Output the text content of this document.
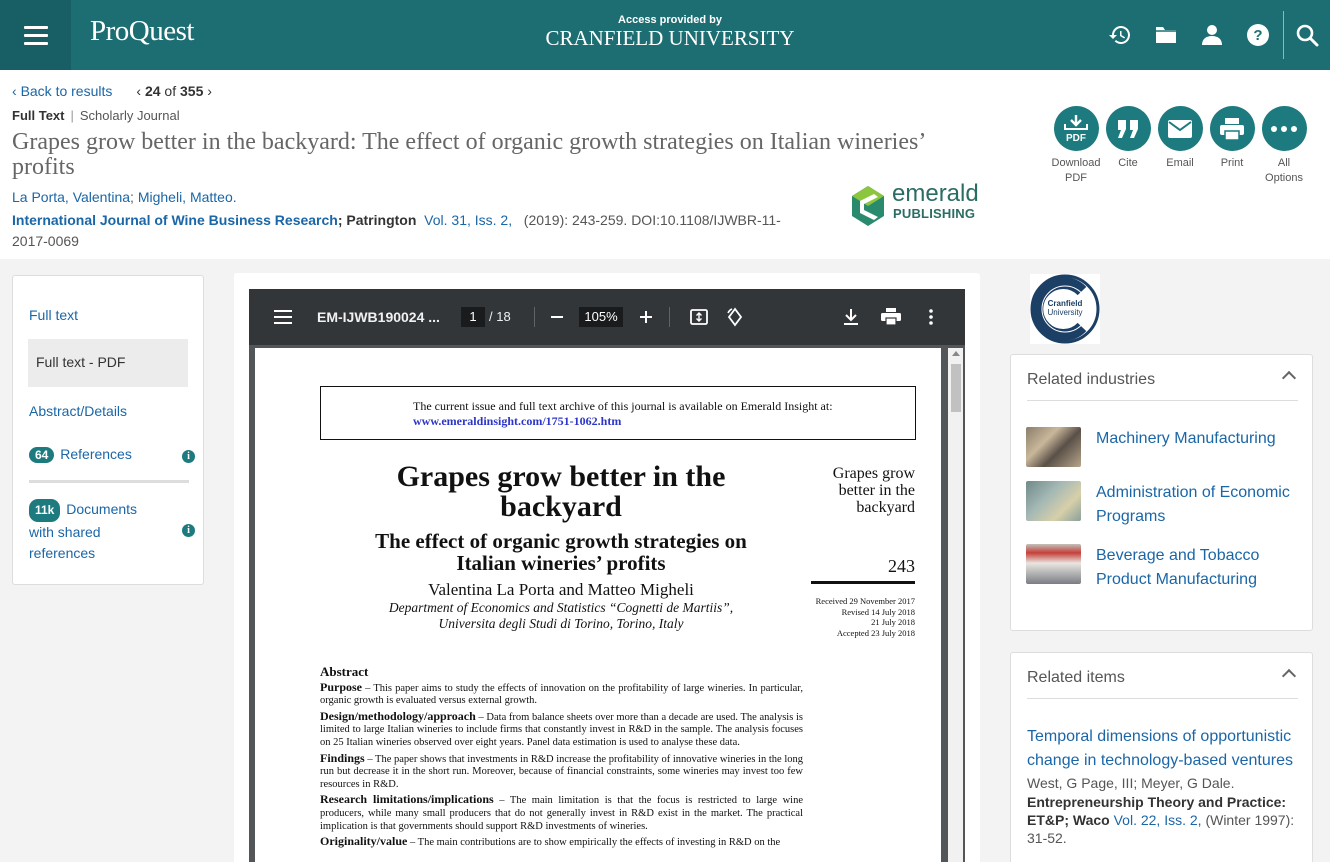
ProQuest	Access provided by
CRANFIELD UNIVERSITY	?
‹ Back to results ‹ 24 of 355 ›
Full Text | Scholarly Journal
Grapes grow better in the backyard: The effect of organic growth strategies on Italian wineries’ profits
La Porta, Valentina; Migheli, Matteo.
International Journal of Wine Business Research; Patrington Vol. 31, Iss. 2, (2019): 243-259. DOI:10.1108/IJWBR-11-2017-0069
emerald
PUBLISHING
PDF
Download PDF
Cite	Email Print	All Options
Full text
Full text - PDF
Abstract/Details
64 References	i
11k Documents with shared references
i
EM-IJWB190024 ...	1 / 18	105%
The current issue and full text archive of this journal is available on Emerald Insight at:
www.emeraldinsight.com/1751-1062.htm
Grapes grow better in the backyard
The effect of organic growth strategies on Italian wineries’ profits
Valentina La Porta and Matteo Migheli
Department of Economics and Statistics “Cognetti de Martiis”,
Universita degli Studi di Torino, Torino, Italy
Grapes grow better in the backyard
243
Received 29 November 2017
Revised 14 July 2018
21 July 2018
Accepted 23 July 2018
Abstract
Purpose – This paper aims to study the effects of innovation on the profitability of large wineries. In particular, organic growth is evaluated versus external growth.
Design/methodology/approach – Data from balance sheets over more than a decade are used. The analysis is limited to large Italian wineries to include firms that constantly invest in R&D in the sample. The analysis focuses on 25 Italian wineries observed over eight years. Panel data estimation is used to analyse these data.
Findings – The paper shows that investments in R&D increase the profitability of innovative wineries in the long run but decrease it in the short run. Moreover, because of financial constraints, some wineries may invest too few resources in R&D.
Research limitations/implications – The main limitation is that the focus is restricted to large wine producers, while many small producers that do not generally invest in R&D exist in the market. The practical implication is that governments should support R&D investments of wineries.
Originality/value – The main contributions are to show empirically the effects of investing in R&D on the
Cranfield
University
Related industries
Machinery Manufacturing
Administration of Economic Programs
Beverage and Tobacco Product Manufacturing
Related items
Temporal dimensions of opportunistic change in technology-based ventures
West, G Page, III; Meyer, G Dale.
Entrepreneurship Theory and Practice: ET&P; Waco Vol. 22, Iss. 2, (Winter 1997): 31-52.
